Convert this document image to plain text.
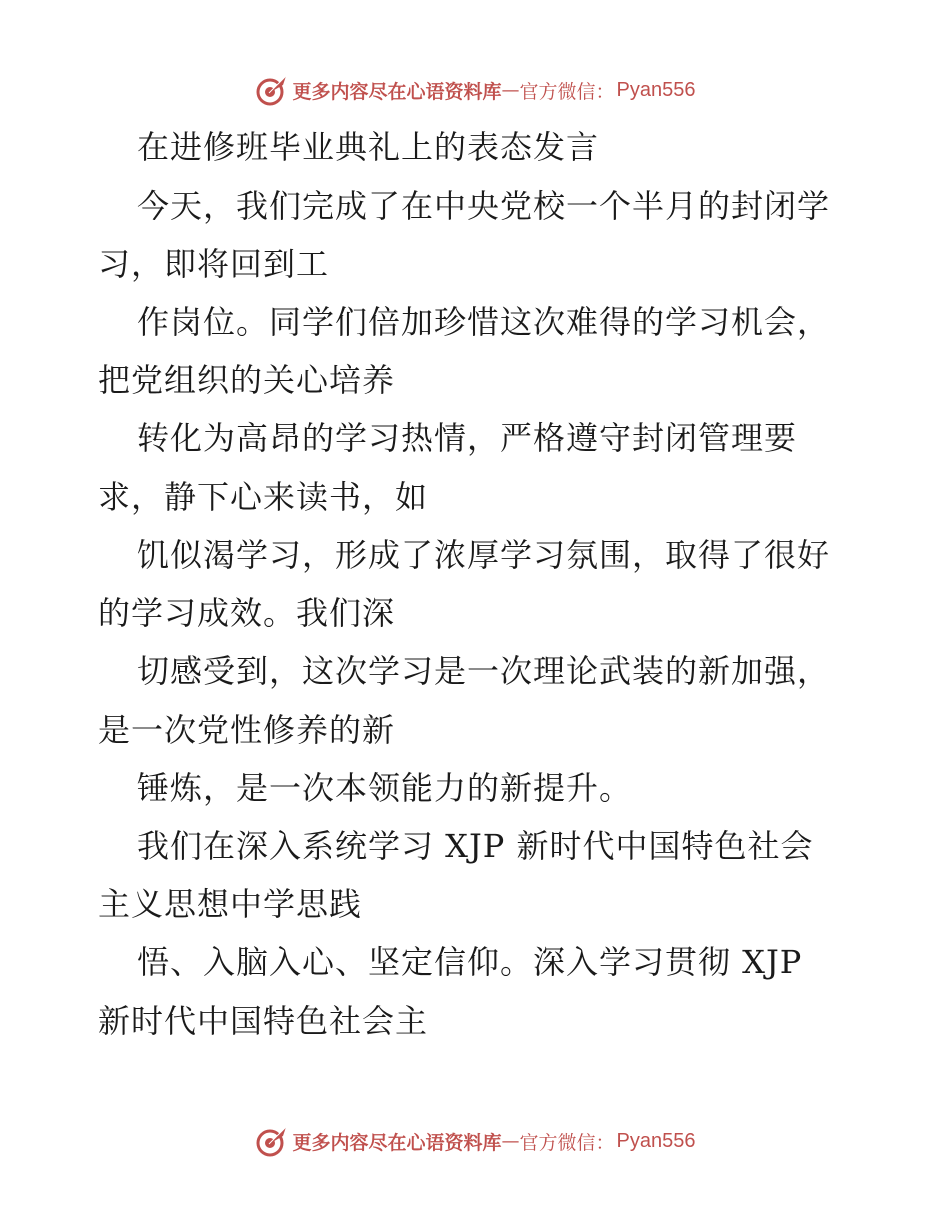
更多内容尽在心语资料库 — 官方微信： Pyan556
在进修班毕业典礼上的表态发言
今天，我们完成了在中央党校一个半月的封闭学
习，即将回到工
作岗位。同学们倍加珍惜这次难得的学习机会，
把党组织的关心培养
转化为高昂的学习热情，严格遵守封闭管理要
求，静下心来读书，如
饥似渴学习，形成了浓厚学习氛围，取得了很好
的学习成效。我们深
切感受到，这次学习是一次理论武装的新加强，
是一次党性修养的新
锤炼，是一次本领能力的新提升。
我们在深入系统学习 XJP 新时代中国特色社会
主义思想中学思践
悟、入脑入心、坚定信仰。深入学习贯彻 XJP
新时代中国特色社会主
更多内容尽在心语资料库 — 官方微信： Pyan556
